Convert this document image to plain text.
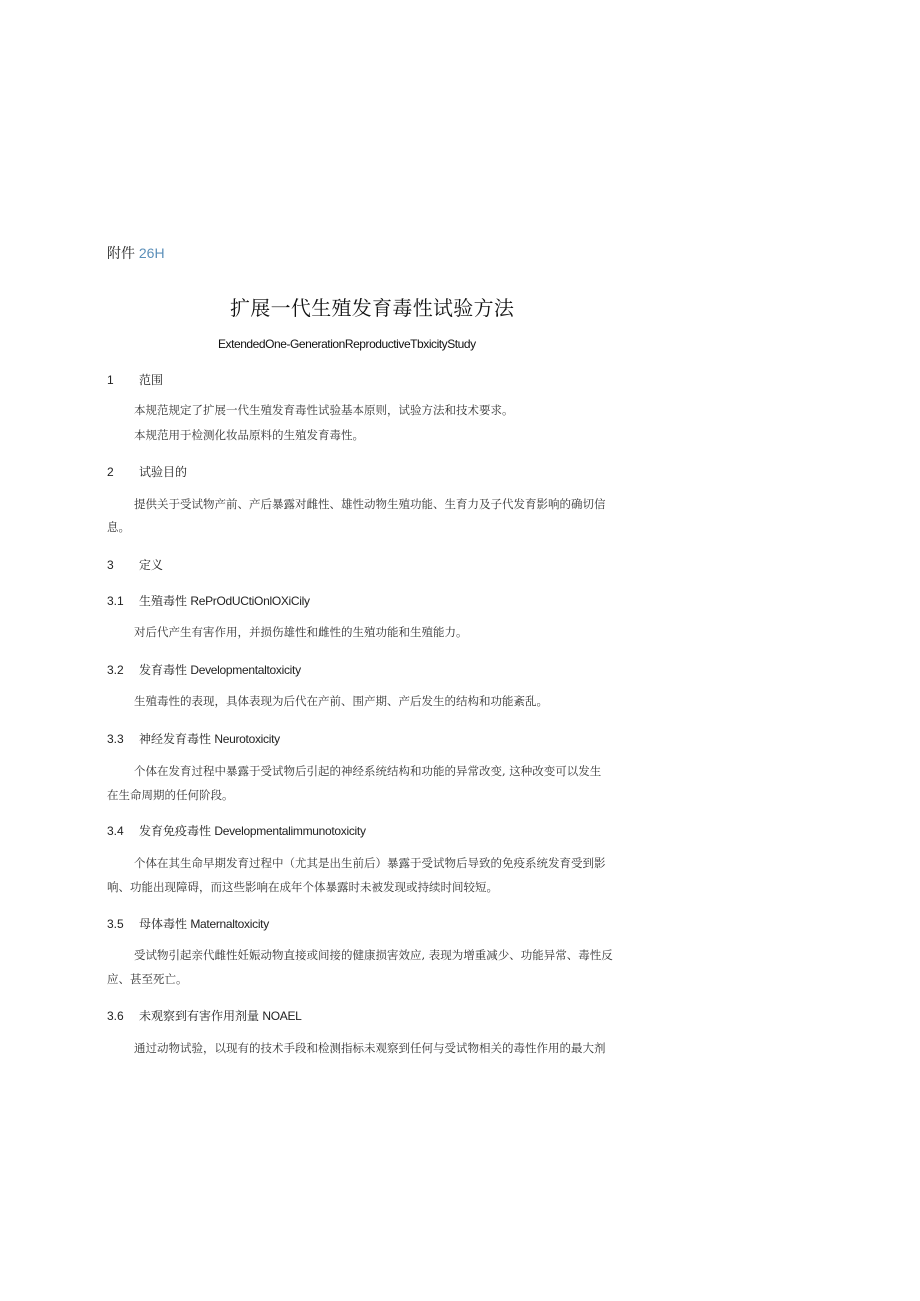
附件 26H
扩展一代生殖发育毒性试验方法
ExtendedOne-GenerationReproductiveTbxicityStudy
1 范围
本规范规定了扩展一代生殖发育毒性试验基本原则，试验方法和技术要求。
本规范用于检测化妆品原料的生殖发育毒性。
2 试验目的
提供关于受试物产前、产后暴露对雌性、雄性动物生殖功能、生育力及子代发育影响的确切信
息。
3 定义
3.1 生殖毒性 RePrOdUCtiOnlOXiCily
对后代产生有害作用，并损伤雄性和雌性的生殖功能和生殖能力。
3.2 发育毒性 Developmentaltoxicity
生殖毒性的表现，具体表现为后代在产前、围产期、产后发生的结构和功能紊乱。
3.3 神经发育毒性 Neurotoxicity
个体在发育过程中暴露于受试物后引起的神经系统结构和功能的异常改变, 这种改变可以发生
在生命周期的任何阶段。
3.4 发育免疫毒性 Developmentalimmunotoxicity
个体在其生命早期发育过程中（尤其是出生前后）暴露于受试物后导致的免疫系统发育受到影
响、功能出现障碍，而这些影响在成年个体暴露时未被发现或持续时间较短。
3.5 母体毒性 Maternaltoxicity
受试物引起亲代雌性妊娠动物直接或间接的健康损害效应, 表现为增重减少、功能异常、毒性反
应、甚至死亡。
3.6 未观察到有害作用剂量 NOAEL
通过动物试验，以现有的技术手段和检测指标未观察到任何与受试物相关的毒性作用的最大剂
